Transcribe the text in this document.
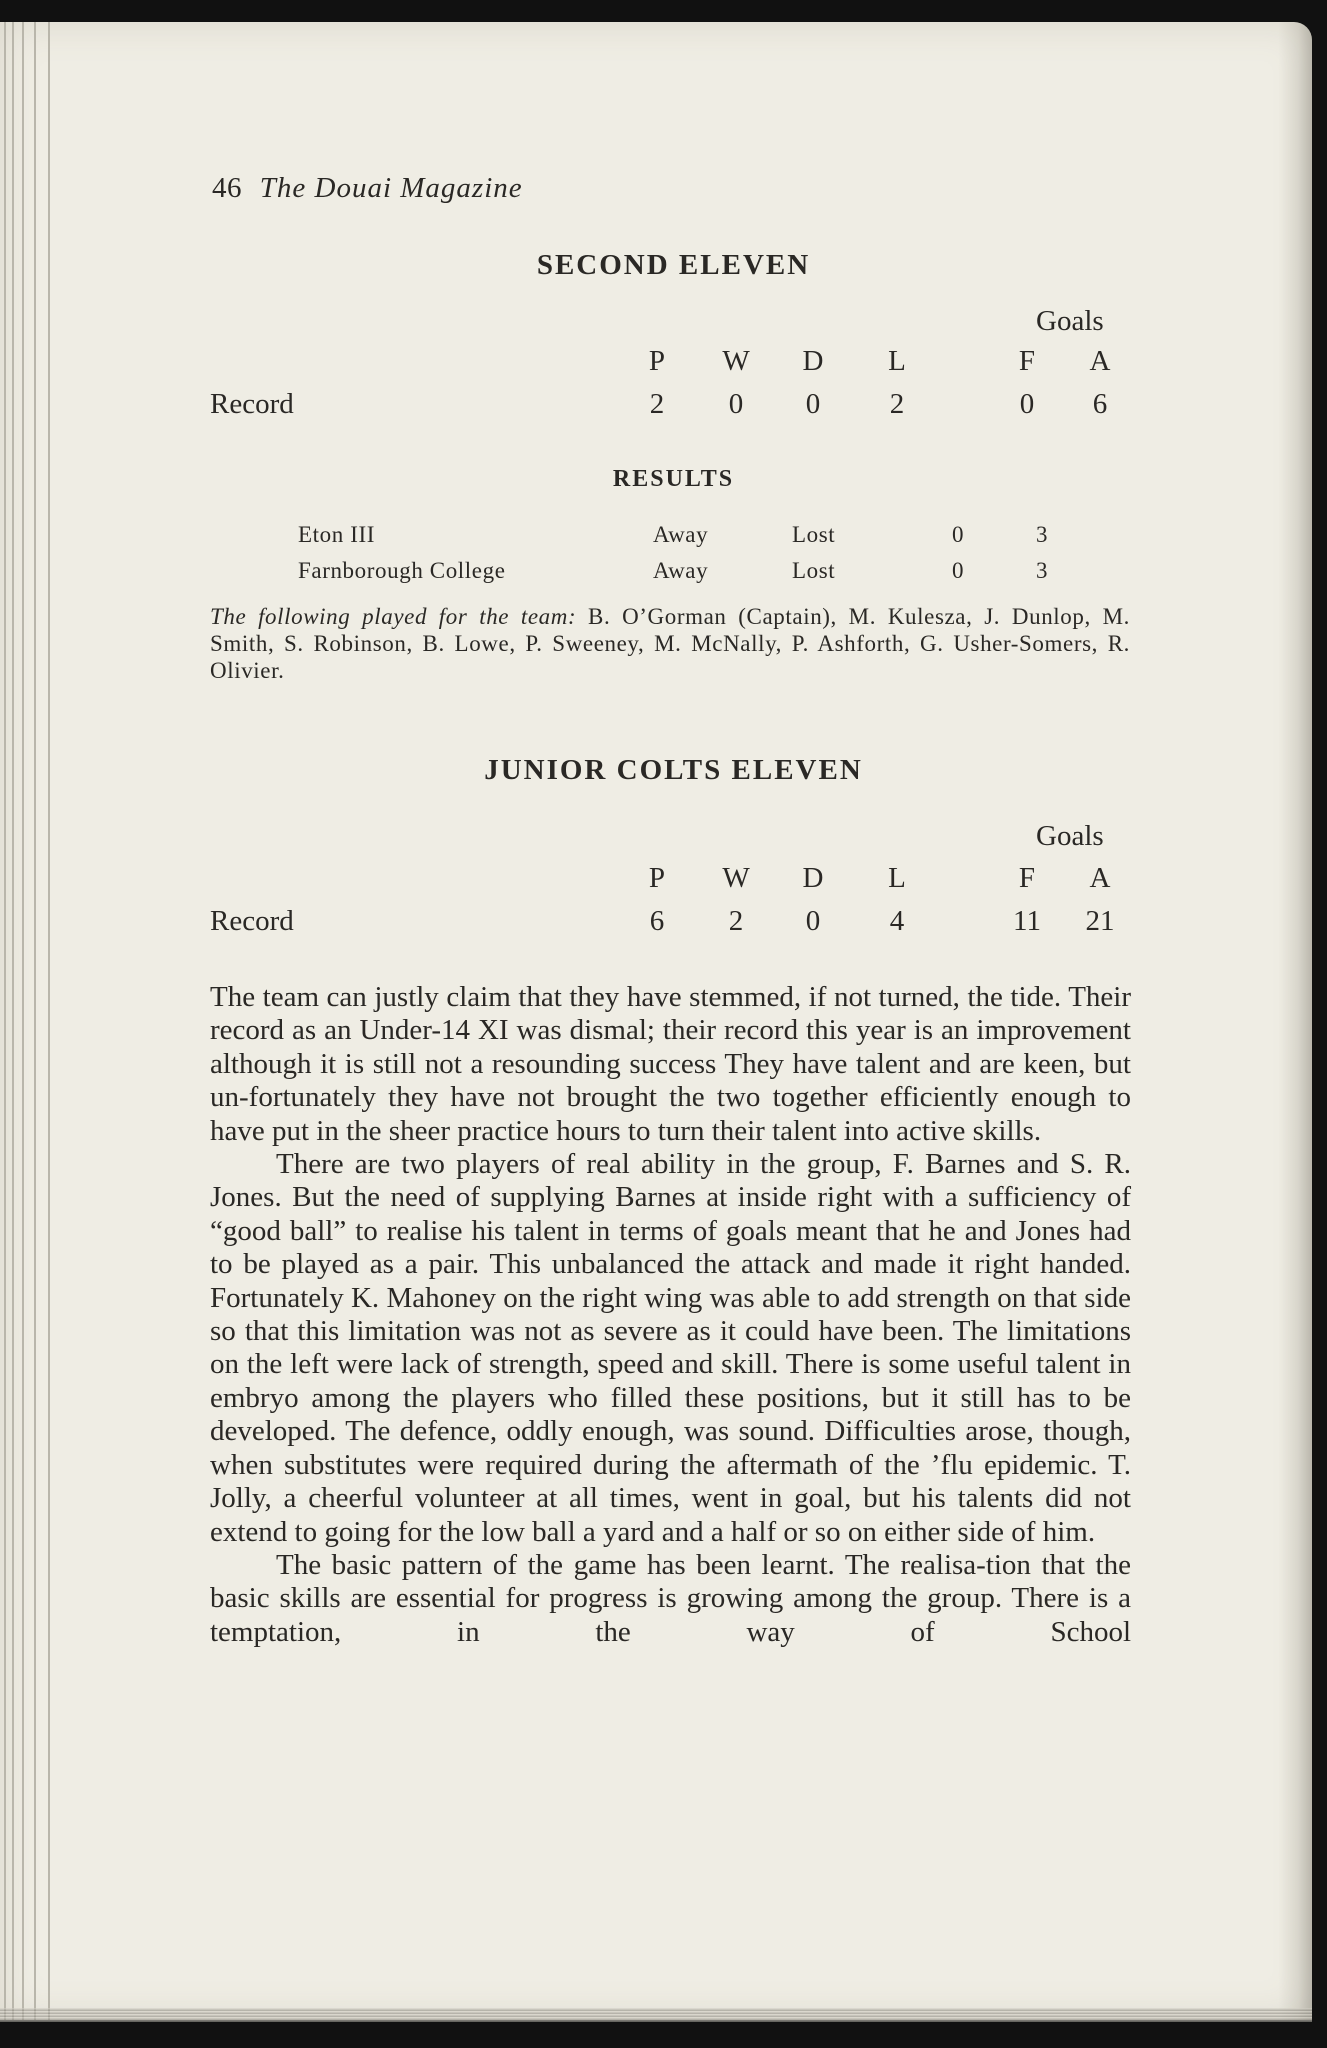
46 The Douai Magazine
SECOND ELEVEN
Goals
P	W	D	L	F	A
Record	2	0	0	2	0	6
RESULTS
Eton III	Away	Lost	0	3
Farnborough College	Away	Lost	0	3
The following played for the team: B. O’Gorman (Captain), M. Kulesza, J. Dunlop, M. Smith, S. Robinson, B. Lowe, P. Sweeney, M. McNally, P. Ashforth, G. Usher-Somers, R. Olivier.
JUNIOR COLTS ELEVEN
Goals
P	W	D	L	F	A
Record	6	2	0	4	11 21

The team can justly claim that they have stemmed, if not turned, the tide. Their record as an Under-14 XI was dismal; their record this year is an improvement although it is still not a resounding success They have talent and are keen, but un-fortunately they have not brought the two together efficiently enough to have put in the sheer practice hours to turn their talent into active skills.

There are two players of real ability in the group, F. Barnes and S. R. Jones. But the need of supplying Barnes at inside right with a sufficiency of “good ball” to realise his talent in terms of goals meant that he and Jones had to be played as a pair. This unbalanced the attack and made it right handed. Fortunately K. Mahoney on the right wing was able to add strength on that side so that this limitation was not as severe as it could have been. The limitations on the left were lack of strength, speed and skill. There is some useful talent in embryo among the players who filled these positions, but it still has to be developed. The defence, oddly enough, was sound. Difficulties arose, though, when substitutes were required during the aftermath of the ’flu epidemic. T. Jolly, a cheerful volunteer at all times, went in goal, but his talents did not extend to going for the low ball a yard and a half or so on either side of him.

The basic pattern of the game has been learnt. The realisa-tion that the basic skills are essential for progress is growing among the group. There is a temptation, in the way of School
